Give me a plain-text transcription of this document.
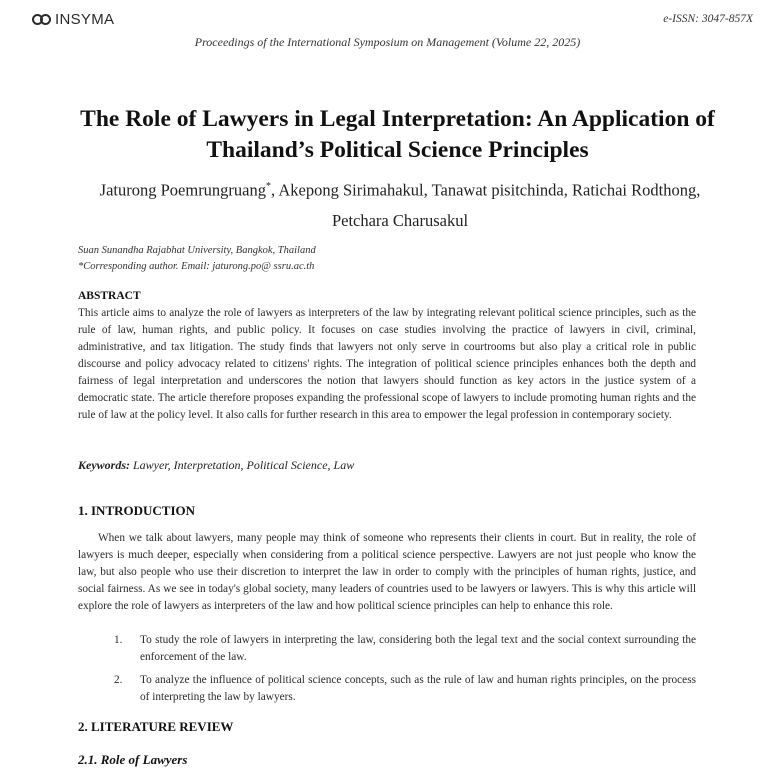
INSYMA	e-ISSN: 3047-857X
Proceedings of the International Symposium on Management (Volume 22, 2025)
The Role of Lawyers in Legal Interpretation: An Application of Thailand’s Political Science Principles

Jaturong Poemrungruang*, Akepong Sirimahakul, Tanawat pisitchinda, Ratichai Rodthong, Petchara Charusakul

Suan Sunandha Rajabhat University, Bangkok, Thailand
*Corresponding author. Email: jaturong.po@ ssru.ac.th
ABSTRACT

This article aims to analyze the role of lawyers as interpreters of the law by integrating relevant political science principles, such as the rule of law, human rights, and public policy. It focuses on case studies involving the practice of lawyers in civil, criminal, administrative, and tax litigation. The study finds that lawyers not only serve in courtrooms but also play a critical role in public discourse and policy advocacy related to citizens' rights. The integration of political science principles enhances both the depth and fairness of legal interpretation and underscores the notion that lawyers should function as key actors in the justice system of a democratic state. The article therefore proposes expanding the professional scope of lawyers to include promoting human rights and the rule of law at the policy level. It also calls for further research in this area to empower the legal profession in contemporary society.

Keywords: Lawyer, Interpretation, Political Science, Law
1. INTRODUCTION

When we talk about lawyers, many people may think of someone who represents their clients in court. But in reality, the role of lawyers is much deeper, especially when considering from a political science perspective. Lawyers are not just people who know the law, but also people who use their discretion to interpret the law in order to comply with the principles of human rights, justice, and social fairness. As we see in today's global society, many leaders of countries used to be lawyers or lawyers. This is why this article will explore the role of lawyers as interpreters of the law and how political science principles can help to enhance this role.

1.	To study the role of lawyers in interpreting the law, considering both the legal text and the social context surrounding the enforcement of the law.
2.	To analyze the influence of political science concepts, such as the rule of law and human rights principles, on the process of interpreting the law by lawyers.
2. LITERATURE REVIEW
2.1. Role of Lawyers
